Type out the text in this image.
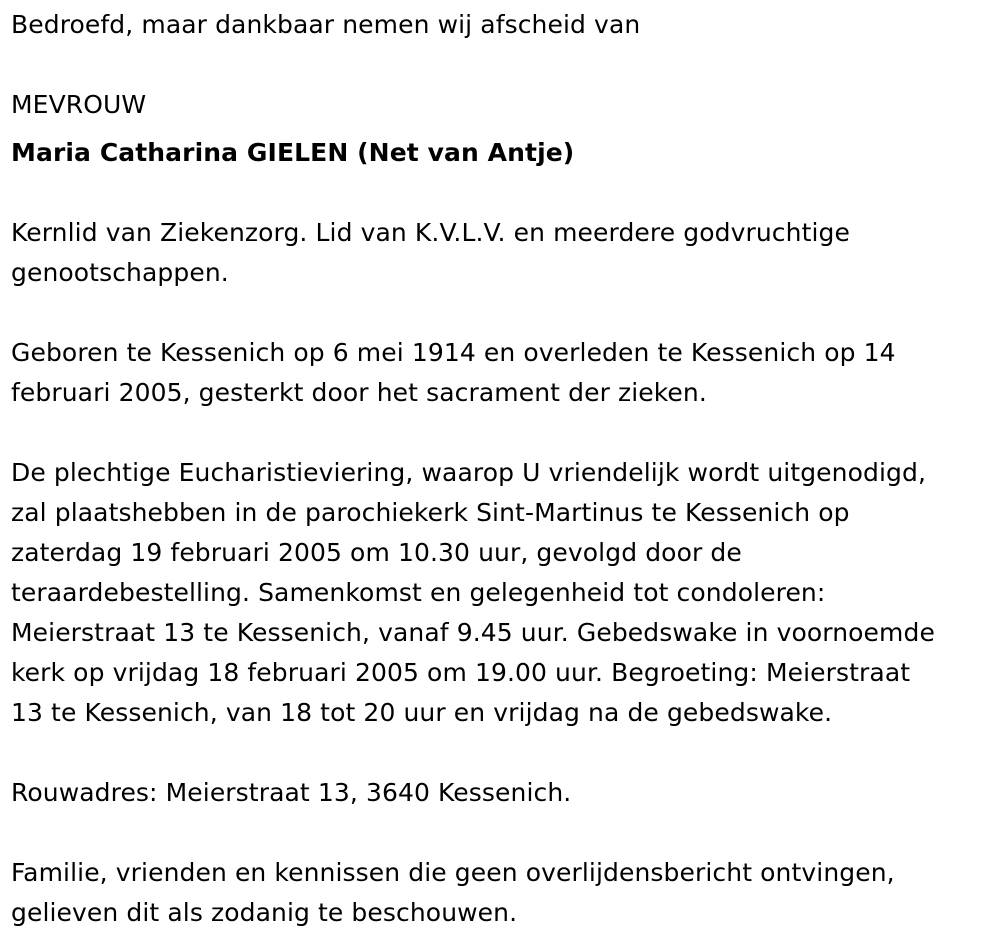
Bedroefd, maar dankbaar nemen wij afscheid van
MEVROUW
Maria Catharina GIELEN (Net van Antje)
Kernlid van Ziekenzorg. Lid van K.V.L.V. en meerdere godvruchtige
genootschappen.
Geboren te Kessenich op 6 mei 1914 en overleden te Kessenich op 14
februari 2005, gesterkt door het sacrament der zieken.
De plechtige Eucharistieviering, waarop U vriendelijk wordt uitgenodigd,
zal plaatshebben in de parochiekerk Sint-Martinus te Kessenich op
zaterdag 19 februari 2005 om 10.30 uur, gevolgd door de
teraardebestelling. Samenkomst en gelegenheid tot condoleren:
Meierstraat 13 te Kessenich, vanaf 9.45 uur. Gebedswake in voornoemde
kerk op vrijdag 18 februari 2005 om 19.00 uur. Begroeting: Meierstraat
13 te Kessenich, van 18 tot 20 uur en vrijdag na de gebedswake.
Rouwadres: Meierstraat 13, 3640 Kessenich.
Familie, vrienden en kennissen die geen overlijdensbericht ontvingen,
gelieven dit als zodanig te beschouwen.
